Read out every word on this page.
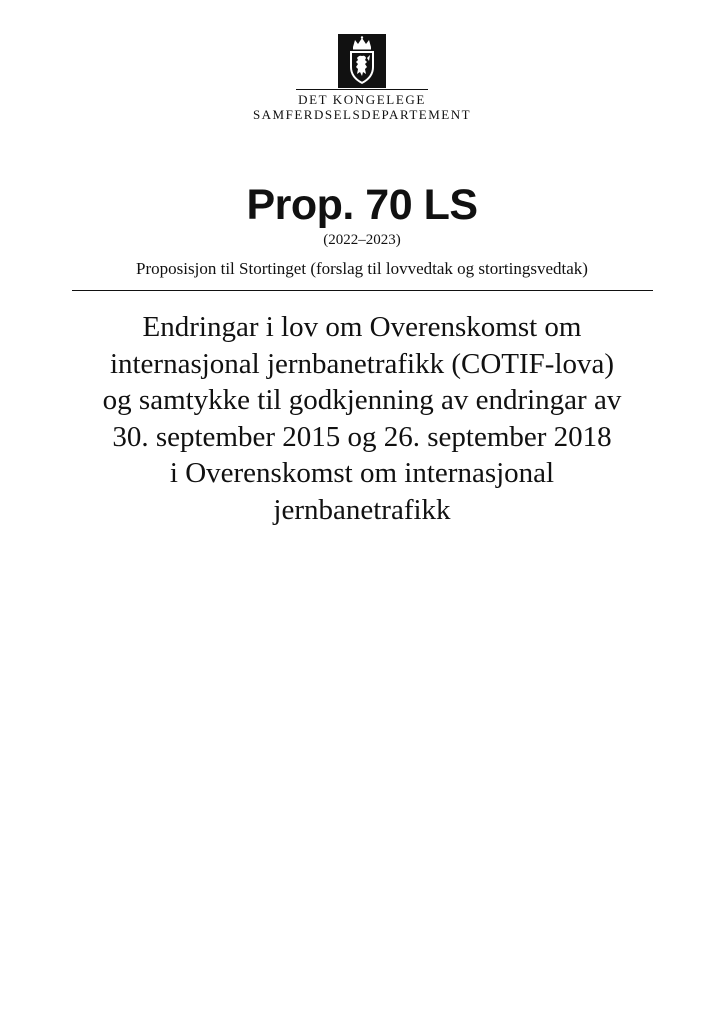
DET KONGELEGE
SAMFERDSELSDEPARTEMENT
Prop. 70 LS
(2022–2023)
Proposisjon til Stortinget (forslag til lovvedtak og stortingsvedtak)
Endringar i lov om Overenskomst om
internasjonal jernbanetrafikk (COTIF-lova)
og samtykke til godkjenning av endringar av
30. september 2015 og 26. september 2018
i Overenskomst om internasjonal
jernbanetrafikk
